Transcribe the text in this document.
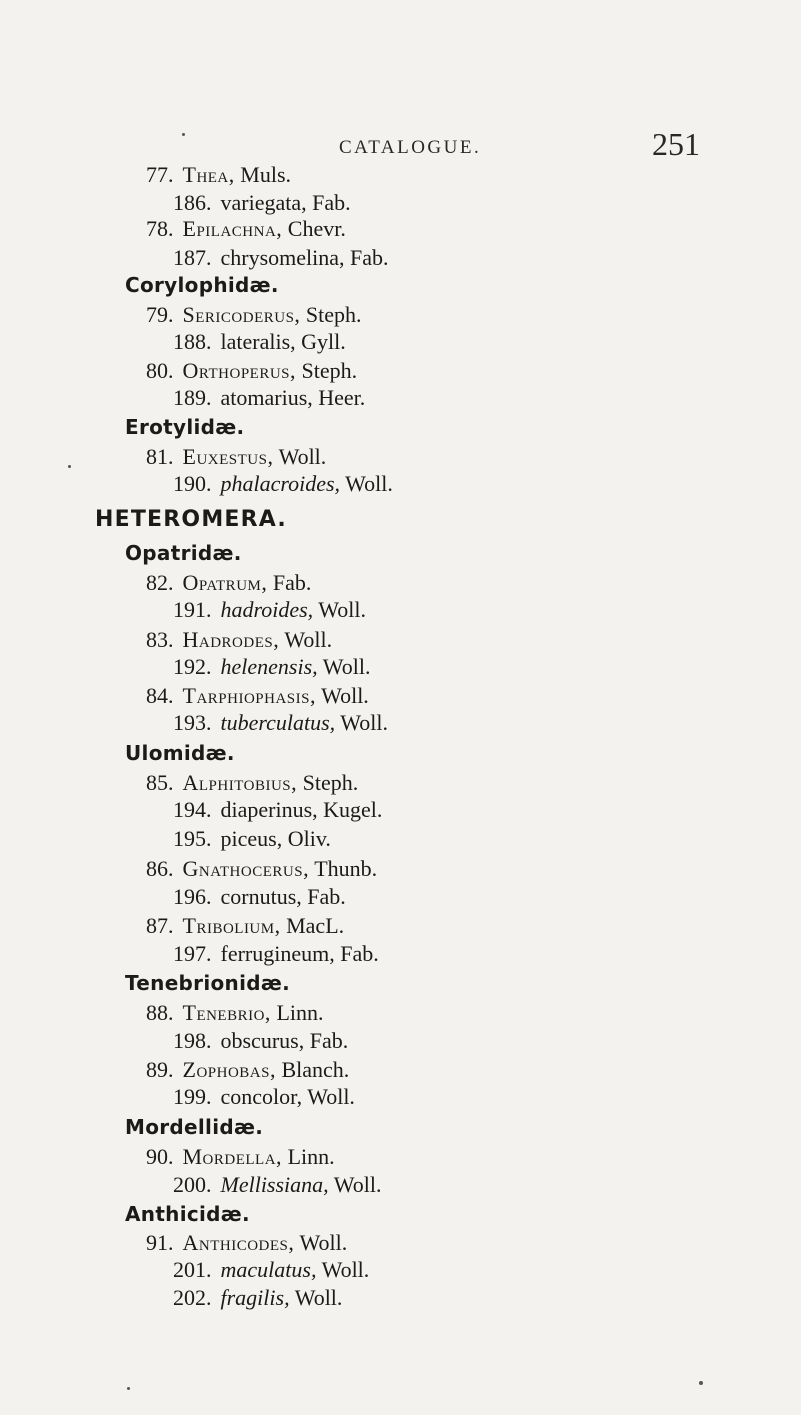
CATALOGUE.	251
77. Thea, Muls.
186. variegata, Fab.
78. Epilachna, Chevr.
187. chrysomelina, Fab.
Corylophidæ.
79. Sericoderus, Steph.
188. lateralis, Gyll.
80. Orthoperus, Steph.
189. atomarius, Heer.
Erotylidæ.
81. Euxestus, Woll.
190. phalacroides, Woll.
HETEROMERA.
Opatridæ.
82. Opatrum, Fab.
191. hadroides, Woll.
83. Hadrodes, Woll.
192. helenensis, Woll.
84. Tarphiophasis, Woll.
193. tuberculatus, Woll.
Ulomidæ.
85. Alphitobius, Steph.
194. diaperinus, Kugel.
195. piceus, Oliv.
86. Gnathocerus, Thunb.
196. cornutus, Fab.
87. Tribolium, MacL.
197. ferrugineum, Fab.
Tenebrionidæ.
88. Tenebrio, Linn.
198. obscurus, Fab.
89. Zophobas, Blanch.
199. concolor, Woll.
Mordellidæ.
90. Mordella, Linn.
200. Mellissiana, Woll.
Anthicidæ.
91. Anthicodes, Woll.
201. maculatus, Woll.
202. fragilis, Woll.
